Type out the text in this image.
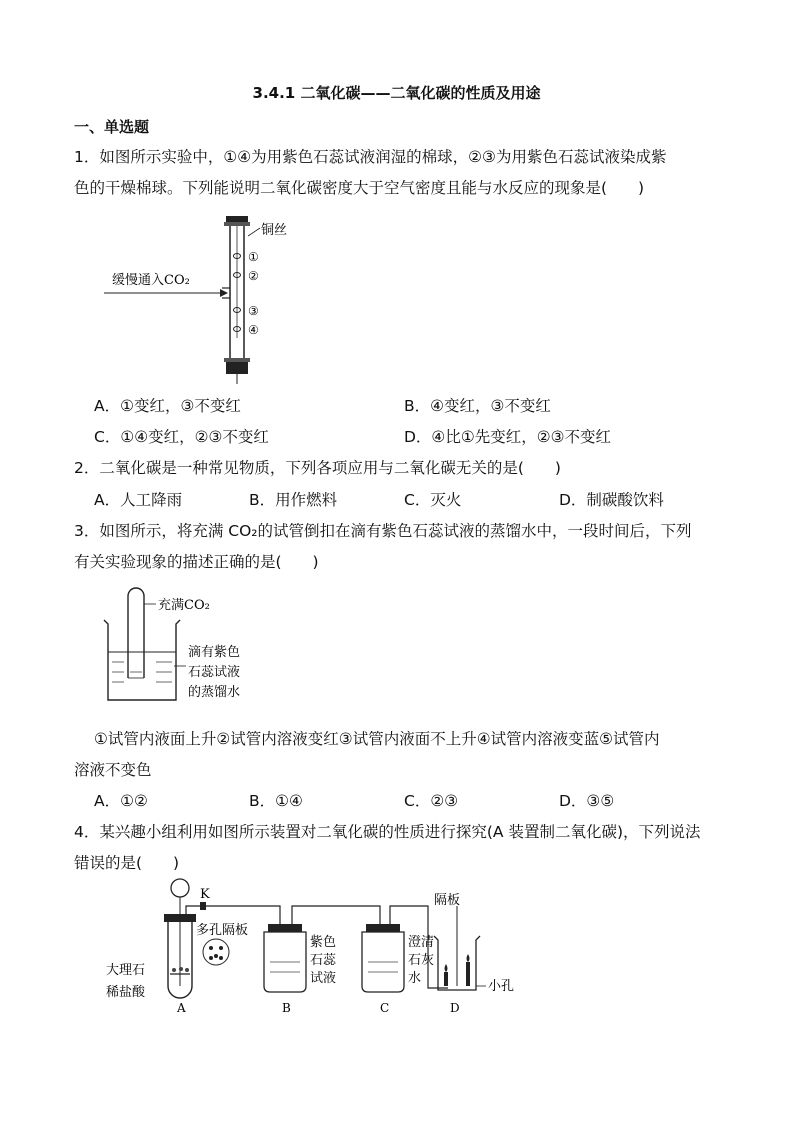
3.4.1 二氧化碳——二氧化碳的性质及用途
一、单选题
1．如图所示实验中，①④为用紫色石蕊试液润湿的棉球，②③为用紫色石蕊试液染成紫
色的干燥棉球。下列能说明二氧化碳密度大于空气密度且能与水反应的现象是(　　)
铜丝
①
②
③
④
缓慢通入CO₂
A．①变红，③不变红	B．④变红，③不变红
C．①④变红，②③不变红	D．④比①先变红，②③不变红
2．二氧化碳是一种常见物质，下列各项应用与二氧化碳无关的是(　　)
A．人工降雨	B．用作燃料	C．灭火	D．制碳酸饮料
3．如图所示，将充满 CO₂的试管倒扣在滴有紫色石蕊试液的蒸馏水中，一段时间后，下列
有关实验现象的描述正确的是(　　)
充满CO₂
滴有紫色
石蕊试液
的蒸馏水
①试管内液面上升②试管内溶液变红③试管内液面不上升④试管内溶液变蓝⑤试管内
溶液不变色
A．①②	B．①④	C．②③	D．③⑤
4．某兴趣小组利用如图所示装置对二氧化碳的性质进行探究(A 装置制二氧化碳)，下列说法
错误的是(　　)
多孔隔板
大理石
稀盐酸
K
A
紫色
石蕊
试液
B
澄清
石灰
水
C
隔板
小孔
D
